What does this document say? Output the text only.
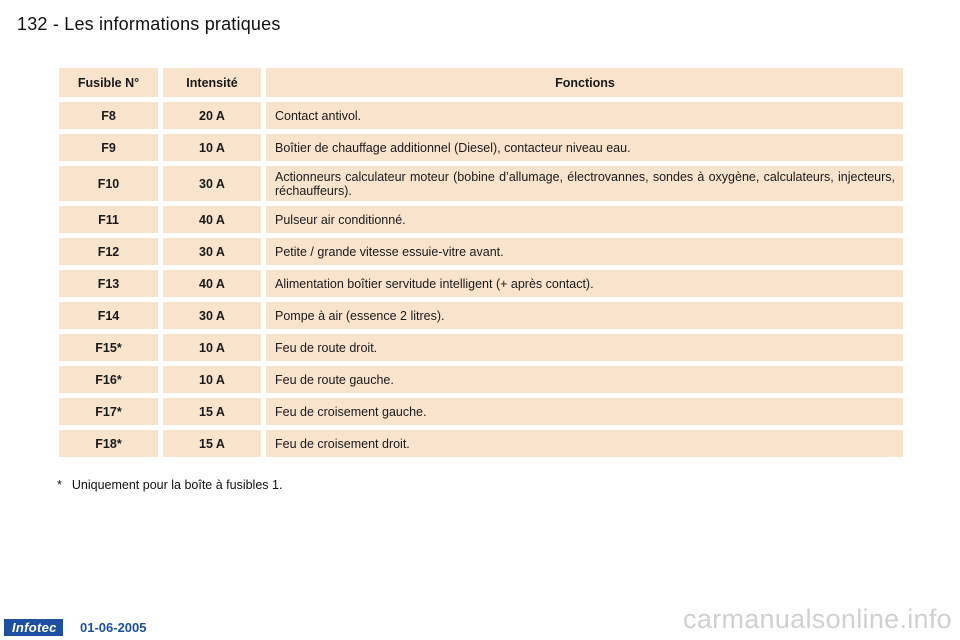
132 - Les informations pratiques
Fusible N°	Intensité	Fonctions
F8	20 A	Contact antivol.
F9	10 A	Boîtier de chauffage additionnel (Diesel), contacteur niveau eau.
F10	30 A	Actionneurs calculateur moteur (bobine d’allumage, électrovannes, sondes à oxygène, calculateurs, injecteurs, réchauffeurs).
F11	40 A	Pulseur air conditionné.
F12	30 A	Petite / grande vitesse essuie-vitre avant.
F13	40 A	Alimentation boîtier servitude intelligent (+ après contact).
F14	30 A	Pompe à air (essence 2 litres).
F15*	10 A	Feu de route droit.
F16*	10 A	Feu de route gauche.
F17*	15 A	Feu de croisement gauche.
F18*	15 A	Feu de croisement droit.
* Uniquement pour la boîte à fusibles 1.
Infotec	01-06-2005	carmanualsonline.info
